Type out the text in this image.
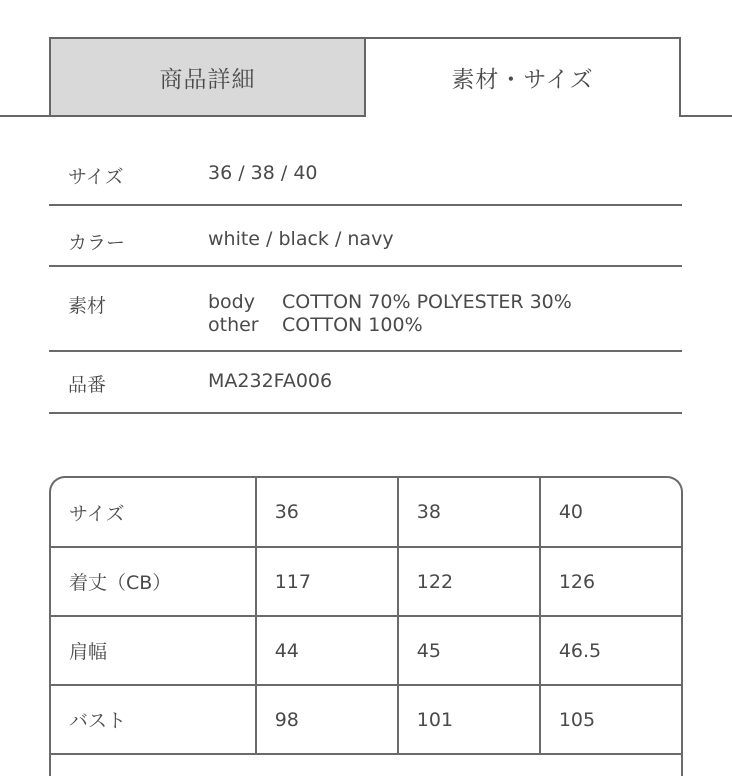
商品詳細	素材・サイズ
サイズ	36 / 38 / 40
カラー	white / black / navy
素材	body	COTTON 70% POLYESTER 30%
other	COTTON 100%
品番	MA232FA006
サイズ	36	38	40
着丈（CB）	117	122	126
肩幅	44	45	46.5
バスト	98	101	105
